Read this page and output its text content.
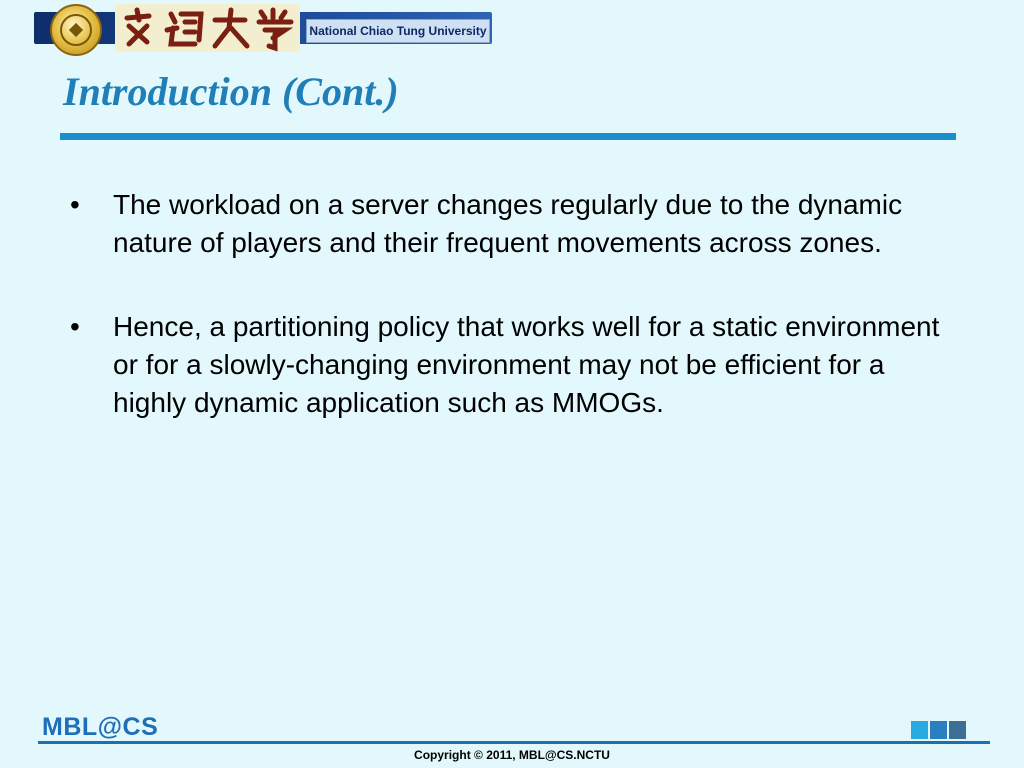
National Chiao Tung University
Introduction (Cont.)
•	The workload on a server changes regularly due to the dynamic nature of players and their frequent movements across zones.
•	Hence, a partitioning policy that works well for a static environment or for a slowly-changing environment may not be efficient for a highly dynamic application such as MMOGs.
MBL@CS
Copyright © 2011, MBL@CS.NCTU
